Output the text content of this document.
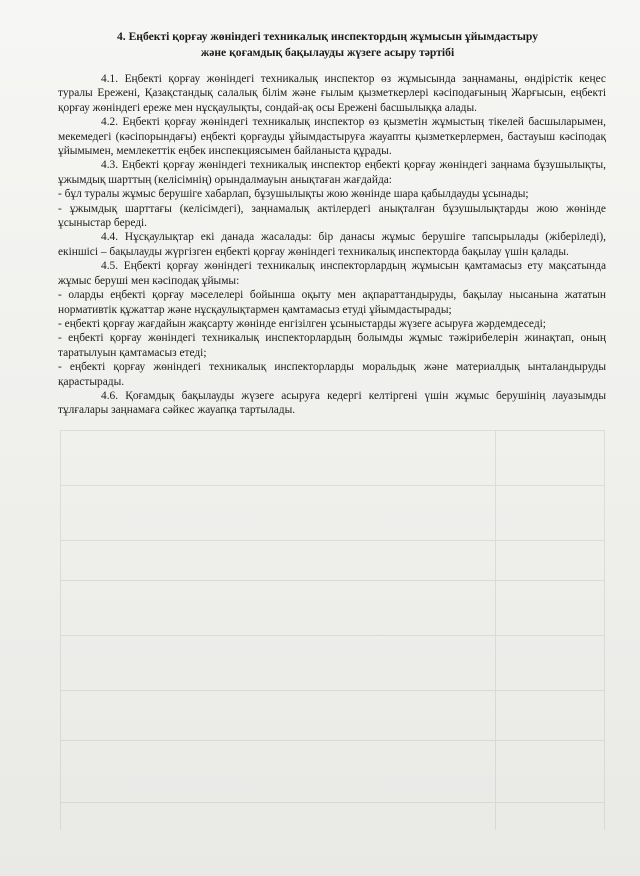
4. Еңбекті қорғау жөніндегі техникалық инспектордың жұмысын ұйымдастыру
және қоғамдық бақылауды жүзеге асыру тәртібі

4.1. Еңбекті қорғау жөніндегі техникалық инспектор өз жұмысында заңнаманы, өндірістік кеңес туралы Ережені, Қазақстандық салалық білім және ғылым қызметкерлері кәсіподағының Жарғысын, еңбекті қорғау жөніндегі ереже мен нұсқаулықты, сондай-ақ осы Ережені басшылыққа алады.

4.2. Еңбекті қорғау жөніндегі техникалық инспектор өз қызметін жұмыстың тікелей басшыларымен, мекемедегі (кәсіпорындағы) еңбекті қорғауды ұйымдастыруға жауапты қызметкерлермен, бастауыш кәсіподақ ұйымымен, мемлекеттік еңбек инспекциясымен байланыста құрады.

4.3. Еңбекті қорғау жөніндегі техникалық инспектор еңбекті қорғау жөніндегі заңнама бұзушылықты, ұжымдық шарттың (келісімнің) орындалмауын анықтаған жағдайда:

- бұл туралы жұмыс берушіге хабарлап, бұзушылықты жою жөнінде шара қабылдауды ұсынады;

- ұжымдық шарттағы (келісімдегі), заңнамалық актілердегі анықталған бұзушылықтарды жою жөнінде ұсыныстар береді.

4.4. Нұсқаулықтар екі данада жасалады: бір данасы жұмыс берушіге тапсырылады (жіберіледі), екіншісі – бақылауды жүргізген еңбекті қорғау жөніндегі техникалық инспекторда бақылау үшін қалады.

4.5. Еңбекті қорғау жөніндегі техникалық инспекторлардың жұмысын қамтамасыз ету мақсатында жұмыс беруші мен кәсіподақ ұйымы:

- оларды еңбекті қорғау мәселелері бойынша оқыту мен ақпараттандыруды, бақылау нысанына жататын нормативтік құжаттар және нұсқаулықтармен қамтамасыз етуді ұйымдастырады;

- еңбекті қорғау жағдайын жақсарту жөнінде енгізілген ұсыныстарды жүзеге асыруға жәрдемдеседі;

- еңбекті қорғау жөніндегі техникалық инспекторлардың болымды жұмыс тәжірибелерін жинақтап, оның таратылуын қамтамасыз етеді;

- еңбекті қорғау жөніндегі техникалық инспекторларды моральдық және материалдық ынталандыруды қарастырады.

4.6. Қоғамдық бақылауды жүзеге асыруға кедергі келтіргені үшін жұмыс берушінің лауазымды тұлғалары заңнамаға сәйкес жауапқа тартылады.
